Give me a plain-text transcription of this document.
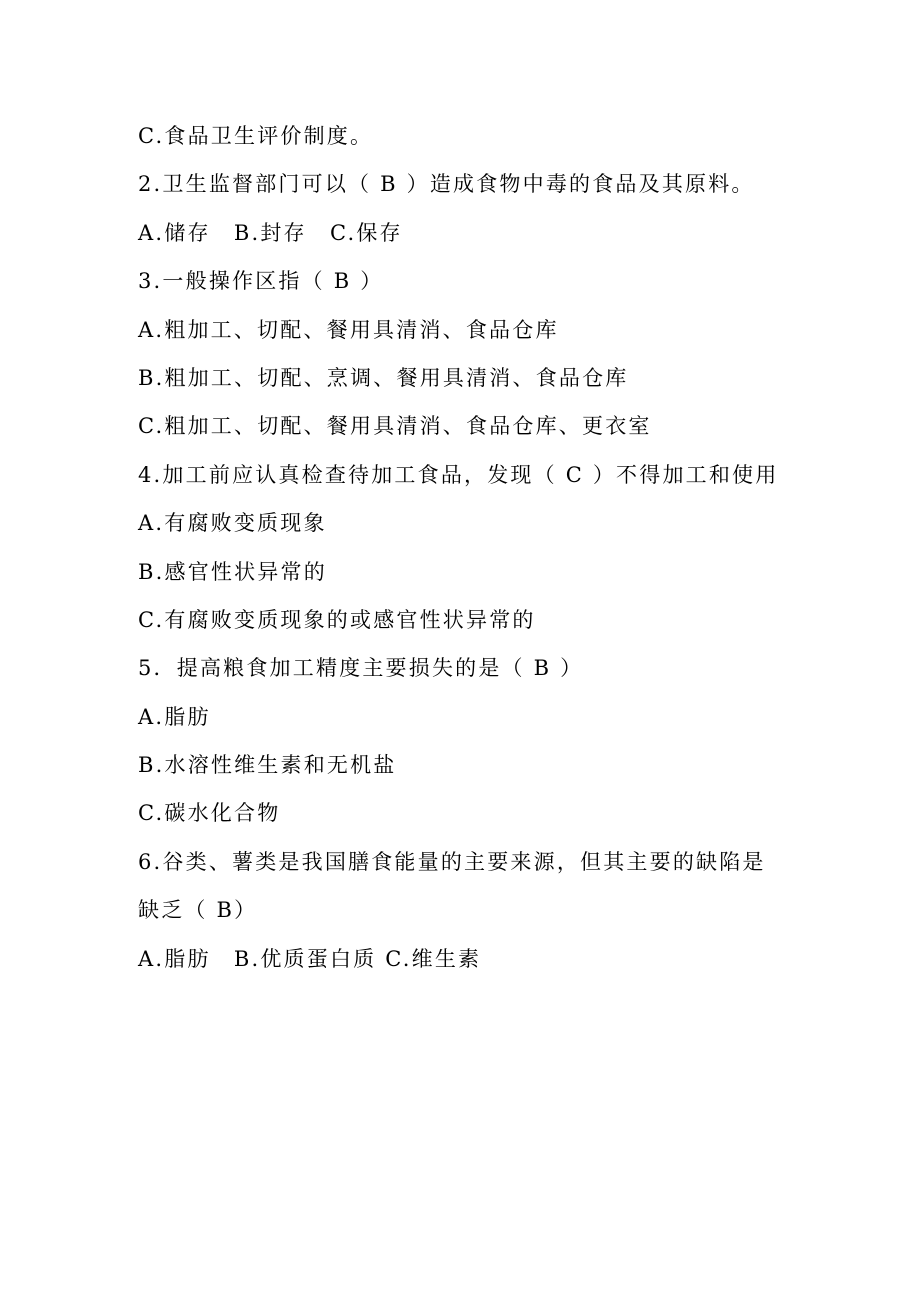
C.食品卫生评价制度。
2.卫生监督部门可以（ B ）造成食物中毒的食品及其原料。
A.储存　B.封存　C.保存
3.一般操作区指（ B ）
A.粗加工、切配、餐用具清消、食品仓库
B.粗加工、切配、烹调、餐用具清消、食品仓库
C.粗加工、切配、餐用具清消、食品仓库、更衣室
4.加工前应认真检查待加工食品，发现（ C ）不得加工和使用
A.有腐败变质现象
B.感官性状异常的
C.有腐败变质现象的或感官性状异常的
5．提高粮食加工精度主要损失的是（ B ）
A.脂肪
B.水溶性维生素和无机盐
C.碳水化合物
6.谷类、薯类是我国膳食能量的主要来源，但其主要的缺陷是
缺乏（ B）
A.脂肪　B.优质蛋白质 C.维生素
